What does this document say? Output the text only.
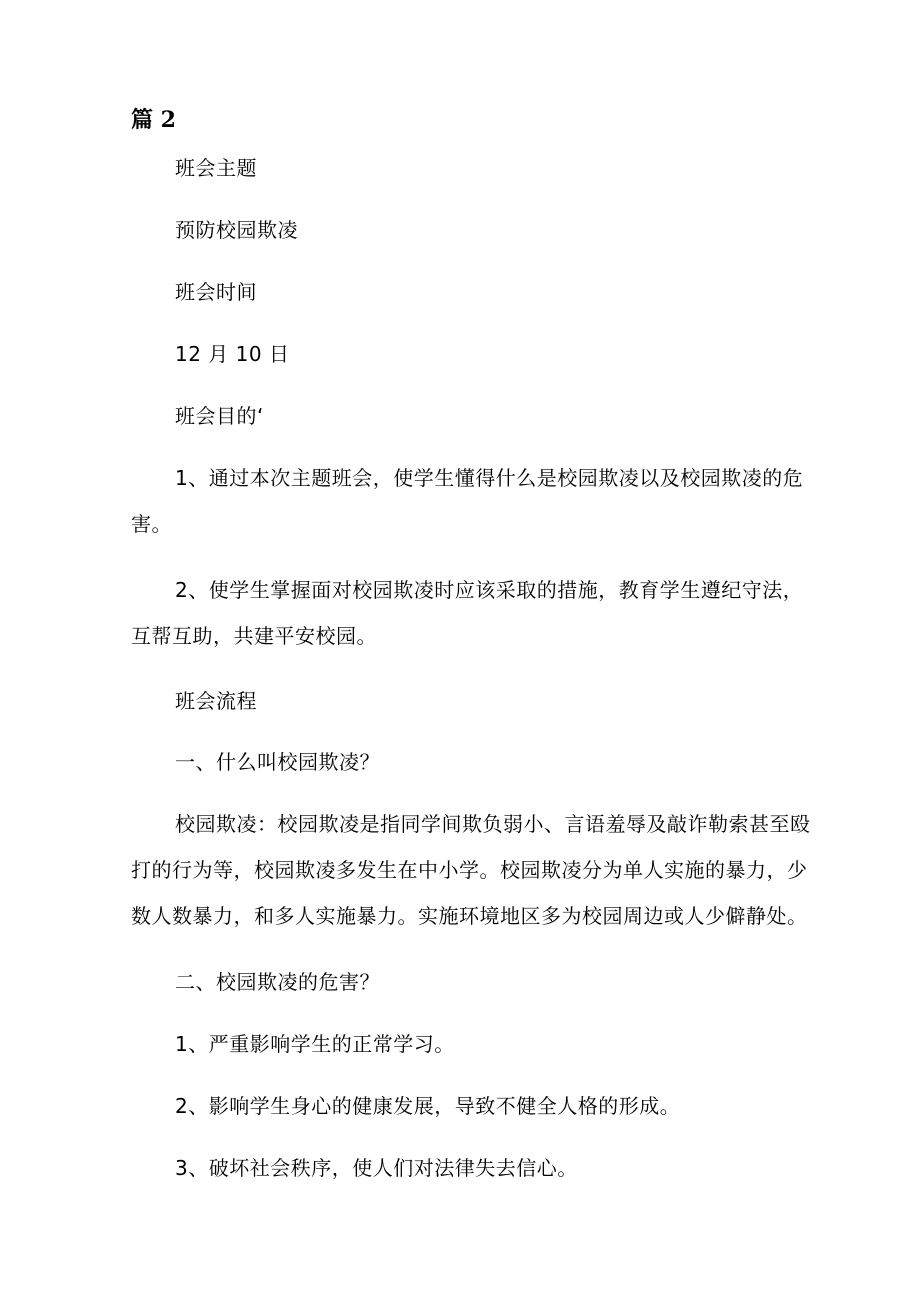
篇 2
班会主题
预防校园欺凌
班会时间
12 月 10 日
班会目的‘
1、通过本次主题班会，使学生懂得什么是校园欺凌以及校园欺凌的危害。
2、使学生掌握面对校园欺凌时应该采取的措施，教育学生遵纪守法，互帮互助，共建平安校园。
班会流程
一、什么叫校园欺凌？
校园欺凌：校园欺凌是指同学间欺负弱小、言语羞辱及敲诈勒索甚至殴打的行为等，校园欺凌多发生在中小学。校园欺凌分为单人实施的暴力，少数人数暴力，和多人实施暴力。实施环境地区多为校园周边或人少僻静处。
二、校园欺凌的危害？
1、严重影响学生的正常学习。
2、影响学生身心的健康发展，导致不健全人格的形成。
3、破坏社会秩序，使人们对法律失去信心。
